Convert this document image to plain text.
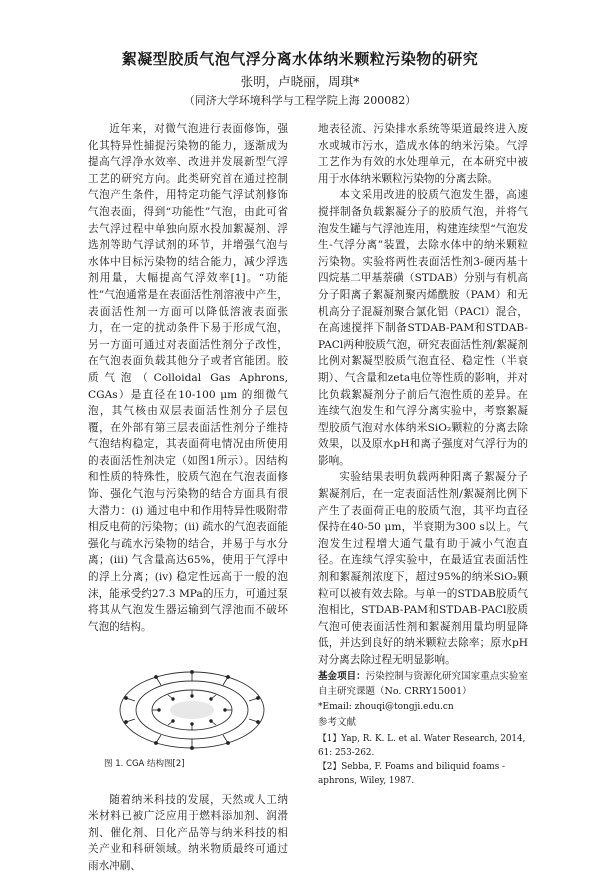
絮凝型胶质气泡气浮分离水体纳米颗粒污染物的研究
张明，卢晓丽，周琪*
（同济大学环境科学与工程学院上海 200082）

近年来，对微气泡进行表面修饰，强化其特异性捕捉污染物的能力，逐渐成为提高气浮净水效率、改进并发展新型气浮工艺的研究方向。此类研究首在通过控制气泡产生条件，用特定功能气浮试剂修饰气泡表面，得到“功能性”气泡，由此可省去气浮过程中单独向原水投加絮凝剂、浮选剂等助气浮试剂的环节，并增强气泡与水体中目标污染物的结合能力，减少浮选剂用量，大幅提高气浮效率[1]。“功能性”气泡通常是在表面活性剂溶液中产生，表面活性剂一方面可以降低溶液表面张力，在一定的扰动条件下易于形成气泡，另一方面可通过对表面活性剂分子改性，在气泡表面负载其他分子或者官能团。胶质气泡（Colloidal Gas Aphrons, CGAs）是直径在10-100 μm 的细微气泡，其气核由双层表面活性剂分子层包覆，在外部有第三层表面活性剂分子维持气泡结构稳定，其表面荷电情况由所使用的表面活性剂决定（如图1所示）。因结构和性质的特殊性，胶质气泡在气泡表面修饰、强化气泡与污染物的结合方面具有很大潜力：(i) 通过电中和作用特异性吸附带相反电荷的污染物；(ii) 疏水的气泡表面能强化与疏水污染物的结合，并易于与水分离；(iii) 气含量高达65%，使用于气浮中的浮上分离；(iv) 稳定性远高于一般的泡沫，能承受约27.3 MPa的压力，可通过泵将其从气泡发生器运输到气浮池而不破坏气泡的结构。

图 1. CGA 结构图[2]

随着纳米科技的发展，天然或人工纳米材料已被广泛应用于燃料添加剂、润滑剂、催化剂、日化产品等与纳米科技的相关产业和科研领域。纳米物质最终可通过雨水冲刷、

地表径流、污染排水系统等渠道最终进入废水或城市污水，造成水体的纳米污染。气浮工艺作为有效的水处理单元，在本研究中被用于水体纳米颗粒污染物的分离去除。

本文采用改进的胶质气泡发生器，高速搅拌制备负载絮凝分子的胶质气泡，并将气泡发生罐与气浮池连用，构建连续型“气泡发生-气浮分离”装置，去除水体中的纳米颗粒污染物。实验将两性表面活性剂3-硬丙基十四烷基二甲基萘磺（STDAB）分别与有机高分子阳离子絮凝剂聚丙烯酰胺（PAM）和无机高分子混凝剂聚合氯化铝（PACl）混合，在高速搅拌下制备STDAB-PAM和STDAB-PACl两种胶质气泡，研究表面活性剂/絮凝剂比例对絮凝型胶质气泡直径、稳定性（半衰期）、气含量和zeta电位等性质的影响，并对比负载絮凝剂分子前后气泡性质的差异。在连续气泡发生和气浮分离实验中，考察絮凝型胶质气泡对水体纳米SiO₂颗粒的分离去除效果，以及原水pH和离子强度对气浮行为的影响。

实验结果表明负载两种阳离子絮凝分子絮凝剂后，在一定表面活性剂/絮凝剂比例下产生了表面荷正电的胶质气泡，其平均直径保持在40-50 μm，半衰期为300 s以上。气泡发生过程增大通气量有助于减小气泡直径。在连续气浮实验中，在最适宜表面活性剂和絮凝剂浓度下，超过95%的纳米SiO₂颗粒可以被有效去除。与单一的STDAB胶质气泡相比，STDAB-PAM和STDAB-PACl胶质气泡可使表面活性剂和絮凝剂用量均明显降低，并达到良好的纳米颗粒去除率；原水pH对分离去除过程无明显影响。

基金项目：污染控制与资源化研究国家重点实验室自主研究课题（No. CRRY15001）

*Email: zhouqi@tongji.edu.cn

参考文献

【1】Yap, R. K. L. et al. Water Research, 2014, 61: 253-262.

【2】Sebba, F. Foams and biliquid foams - aphrons, Wiley, 1987.
